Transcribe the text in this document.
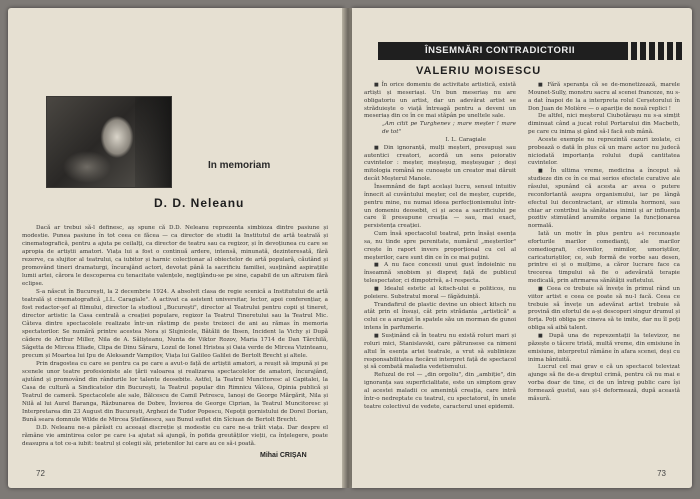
In memoriam
D. D. Neleanu

Dacă ar trebui să-l definesc, aș spune că D.D. Neleanu reprezenta simbioza dintre pasiune și modestie. Punea pasiune în tot ceea ce făcea — ca director de studii la Institutul de artă teatrală și cinematografică, pentru a ajuta pe ceilalți, ca director de teatru sau ca regizor, și în devoțiunea cu care se apropia de artiștii amatori. Viața lui a fost o continuă ardere, intensă, minunată, dezinteresată, fără rezerve, ca slujitor al teatrului, ca iubitor și harnic colecționar al obiectelor de artă populară, căutând și promovând tineri dramaturgi, încurajând actori, devotat până la sacrificiu familiei, susținând aspirațiile lumii artei, cărora le descoperea cu tenacitate valențele, neglijându-se pe sine, capabil de un altruism fără eclipse.

S-a născut în București, la 2 decembrie 1924. A absolvit clasa de regie scenică a Institutului de artă teatrală și cinematografică „I.L. Caragiale". A activat ca asistent universitar, lector, apoi conferențiar, a fost redactor-șef al filmului, director la studioul „București", director al Teatrului pentru copii și tineret, director artistic la Casa centrală a creației populare, regizor la Teatrul Tineretului sau la Teatrul Mic. Câteva dintre spectacolele realizate într-un răstimp de peste treizeci de ani au rămas în memoria spectatorilor. Se numără printre acestea Nora și Slujnicele, Bătălii de Ibsen, Incident la Vichy și După cădere de Arthur Miller, Nila de A. Sălișteanu, Nunta de Viktor Rozov, Maria 1714 de Dan Tărchilă, Săgetta de Mircea Eliade, Clipa de Dinu Săraru, Lozul de Ionel Hristea și Oaia verde de Mircea Vizinteanu, precum și Moartea lui Ipu de Aleksandr Vampilov, Viața lui Galileo Galilei de Bertolt Brecht și altele.

Prin dragostea cu care se pentru ca pe care a avut-o față de artiștii amatori, a reușit să impună și pe scenele unor teatre profesioniste ale țării valoarea și realizarea spectacolelor de amatori, încurajând, ajutând și promovând din rândurile lor talente deosebite. Astfel, la Teatrul Muncitoresc al Capitalei, la Casa de cultură a Sindicatelor din București, la Teatrul popular din Rimnicu Vâlcea, Opinia publică și Teatrul de cameră. Spectacolele ale sale, Bălcescu de Camil Petrescu, Ianoși de George Mărgărit, Nila și Nilă al lui Aurel Baranga, Răzbunarea de Dobre, Învierea de George Ciprian, la Teatrul Muncitoresc și Interpretarea din 23 August din București, Arghezi de Tudor Popescu, Nepoții gornistului de Dorel Dorian, Bună seara domnule Wilde de Mircea Ștefănescu, sau Bunul suflet din Sîciuan de Bertolt Brecht.

D.D. Neleanu ne-a părăsit cu aceeași discreție și modestie cu care ne-a trăit viața. Dar despre el rămâne vie amintirea celor pe care i-a ajutat să ajungă, în pofida greutăților vieții, ca înțelegere, poate deasupra a tot ce-a iubit: teatrul și colegii săi, prietenilor lui care au ce să-i poată.

Mihai CRIȘAN
72
ÎNSEMNĂRI CONTRADICTORII
VALERIU MOISESCU

■ În orice domeniu de activitate artistică, există artiști și meseriași. Un bun meseriaș nu are obligatoriu un artist, dar un adevărat artist se străduiește o viață întreagă pentru a deveni un meseriaș din ce în ce mai stăpân pe uneltele sale.

„Am citit pe Turghenev ; mare meșter ! mare de tot"

I. L. Caragiale

■ Din ignoranță, mulți meșteri, presupuși sau autentici creatori, acordă un sens peiorativ cuvintelor : meșter, meșteșug, meșteșugar ; deși mitologia română ne cunoaște un creator mai dăruit decât Meșterul Manole.

Însemnând de fapt același lucru, sensul intuitiv înnecit al cuvântului meșter, cel de meșter, cupride, pentru mine, nu numai ideea perfecționismului într-un domeniu deosebit, ci și acea a sacrificiului pe care îl presupune creația — sau, mai exact, persistența creației.

Cum însă spectacolul teatral, prin însăși esența sa, nu tinde spre perenitate, numărul „meșterilor" crește în raport invers proporțional cu cel al meșterilor, care sunt din ce în ce mai puțini.

■ A nu face concesii unui gust îndoielnic nu înseamnă snobism și dispreț față de publicul telespectator, ci dimpotrivă, a-l respecta.

■ Idealul estetic al kitsch-ului e politicos, nu poleiere. Substratul moral — făgăduință.

Trandafirul de plastic devine un obiect kitsch nu atât prin el însuși, cât prin strădania „artistică" a celui ce a aranjat în spatele său un morman de gunoi intens în parfumerie.

■ Susținând că în teatru nu există roluri mari și roluri mici, Stanislavski, care pătrunsese ca nimeni altul în esența artei teatrale, a vrut să sublinieze responsabilitatea fiecărui interpret față de spectacol și să combată maladia vedetismului.

Refuzul de rol — „din orgoliu", din „ambiție", din ignoranța sau superficialitate, este un simptom grav al acestei maladii ce amenință creația, care intră într-o nedreptate cu teatrul, cu spectatorul, în unele teatre colectivul de vedete, caracterul unei epidemii.

■ Fără speranța că se de-monetizează, marele Mounet-Sully, monstru sacru al scenei franceze, nu s-a dat înapoi de la a interpreta rolul Cerșetorului în Don Juan de Molière — o apariție de nouă replici !

De altfel, nici meșterul Ciubotărașu nu s-a simțit diminuat când a jucat rolul Portarului din Macbeth, pe care cu inima și gând să-l facă sub mână.

Aceste exemple nu reprezintă cazuri izolate, ci probează o dată în plus că un mare actor nu judecă niciodată importanța rolului după cantitatea cuvintelor.

■ În ultima vreme, medicina a început să studieze din ce în ce mai serios efectele curative ale râsului, spunând că acesta ar avea o putere reconfortantă asupra organismului, iar pe lângă efectul lui decontractant, ar stimula hormoni, sau chiar ar contribui la sănătatea inimii și ar influența pozitiv stimulând anumite organe la funcționarea normală.

Iată un motiv în plus pentru a-i recunoaște eforturile marilor comedianți, ale marilor comediografi, clovnilor, mimilor, umoriștilor, caricaturiștilor, ce, sub formă de vorbe sau desen, printre ei și o mulțime, a căror lucrare face ca trecerea timpului să fie o adevărată terapie medicală, prin afirmarea sănătății sufletului.

■ Ceea ce trebuie să învețe în primul rând un viitor artist e ceea ce poate să nu-l facă. Ceea ce trebuie să învețe un adevărat artist trebuie să provină din efortul de a-și descoperi singur drumul și forța. Poți obliga pe cineva să te imite, dar nu îl poți obliga să aibă talent.

■ După una de reprezentații la televizor, ne păzește o tăcere tristă, multă vreme, din emisiune în emisiune, interpretul rămâne în afara scenei, deși cu inima bântuită.

Lucrul cel mai grav e că un spectacol televizat ajunge să fie de-a dreptul crimă, pentru că nu mai e vorba doar de tine, ci de un întreg public care își formează gustul, sau și-l deformează, după această măsură.

73
